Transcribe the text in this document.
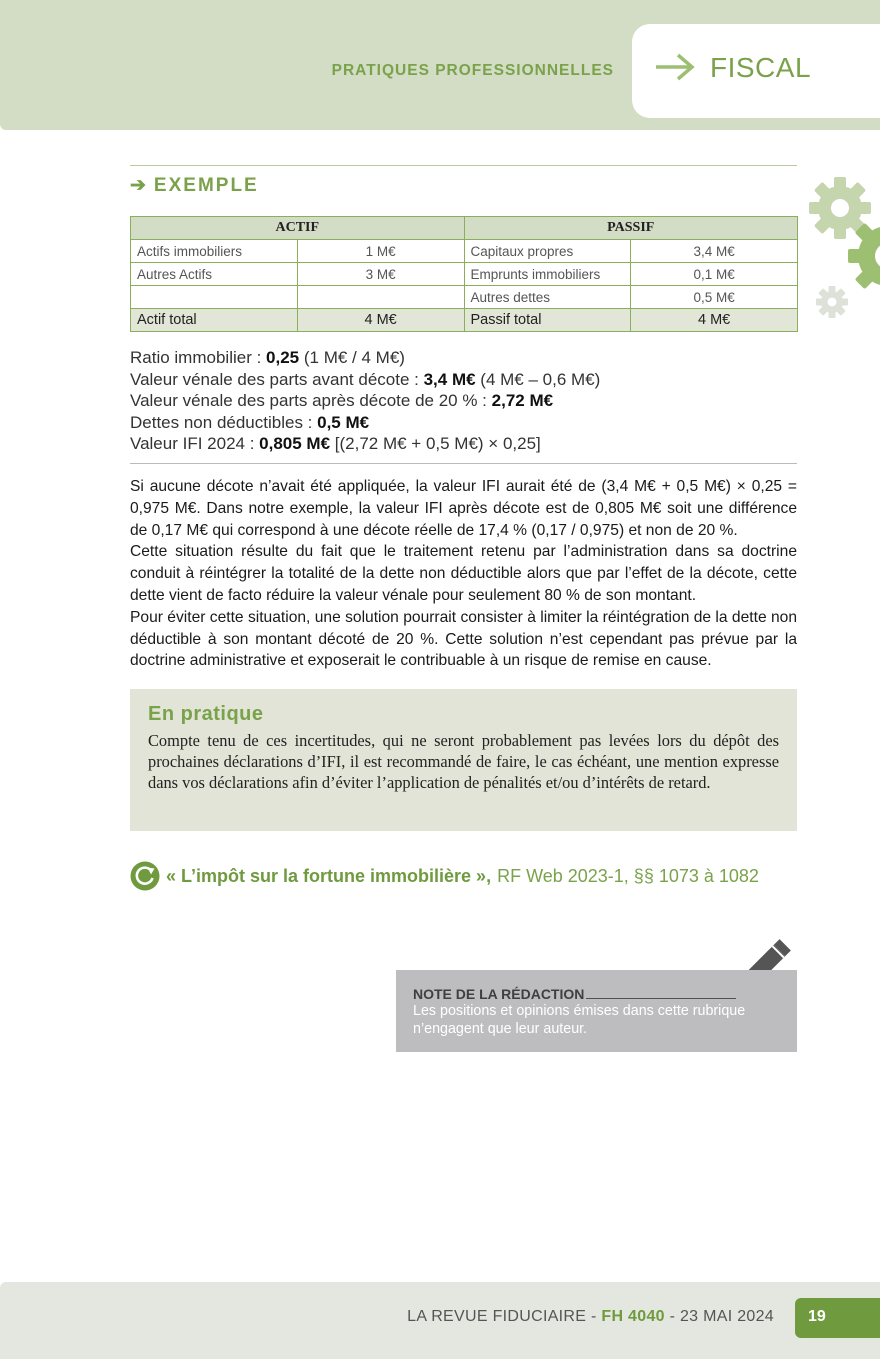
PRATIQUES PROFESSIONNELLES	FISCAL
➔ EXEMPLE
ACTIF		PASSIF	
Actifs immobiliers	1 M€	Capitaux propres	3,4 M€
Autres Actifs	3 M€	Emprunts immobiliers	0,1 M€
		Autres dettes	0,5 M€
Actif total	4 M€	Passif total	4 M€
Ratio immobilier : 0,25 (1 M€ / 4 M€)
Valeur vénale des parts avant décote : 3,4 M€ (4 M€ – 0,6 M€)
Valeur vénale des parts après décote de 20 % : 2,72 M€
Dettes non déductibles : 0,5 M€
Valeur IFI 2024 : 0,805 M€ [(2,72 M€ + 0,5 M€) × 0,25]

Si aucune décote n’avait été appliquée, la valeur IFI aurait été de (3,4 M€ + 0,5 M€) × 0,25 = 0,975 M€. Dans notre exemple, la valeur IFI après décote est de 0,805 M€ soit une différence de 0,17 M€ qui correspond à une décote réelle de 17,4 % (0,17 / 0,975) et non de 20 %.

Cette situation résulte du fait que le traitement retenu par l’administration dans sa doctrine conduit à réintégrer la totalité de la dette non déductible alors que par l’effet de la décote, cette dette vient de facto réduire la valeur vénale pour seulement 80 % de son montant.

Pour éviter cette situation, une solution pourrait consister à limiter la réintégration de la dette non déductible à son montant décoté de 20 %. Cette solution n’est cependant pas prévue par la doctrine administrative et exposerait le contribuable à un risque de remise en cause.

En pratique

Compte tenu de ces incertitudes, qui ne seront probablement pas levées lors du dépôt des prochaines déclarations d’IFI, il est recommandé de faire, le cas échéant, une mention expresse dans vos déclarations afin d’éviter l’application de pénalités et/ou d’intérêts de retard.

« L’impôt sur la fortune immobilière », RF Web 2023-1, §§ 1073 à 1082
NOTE DE LA RÉDACTION
Les positions et opinions émises dans cette rubrique n’engagent que leur auteur.
LA REVUE FIDUCIAIRE - FH 4040 - 23 MAI 2024	19
